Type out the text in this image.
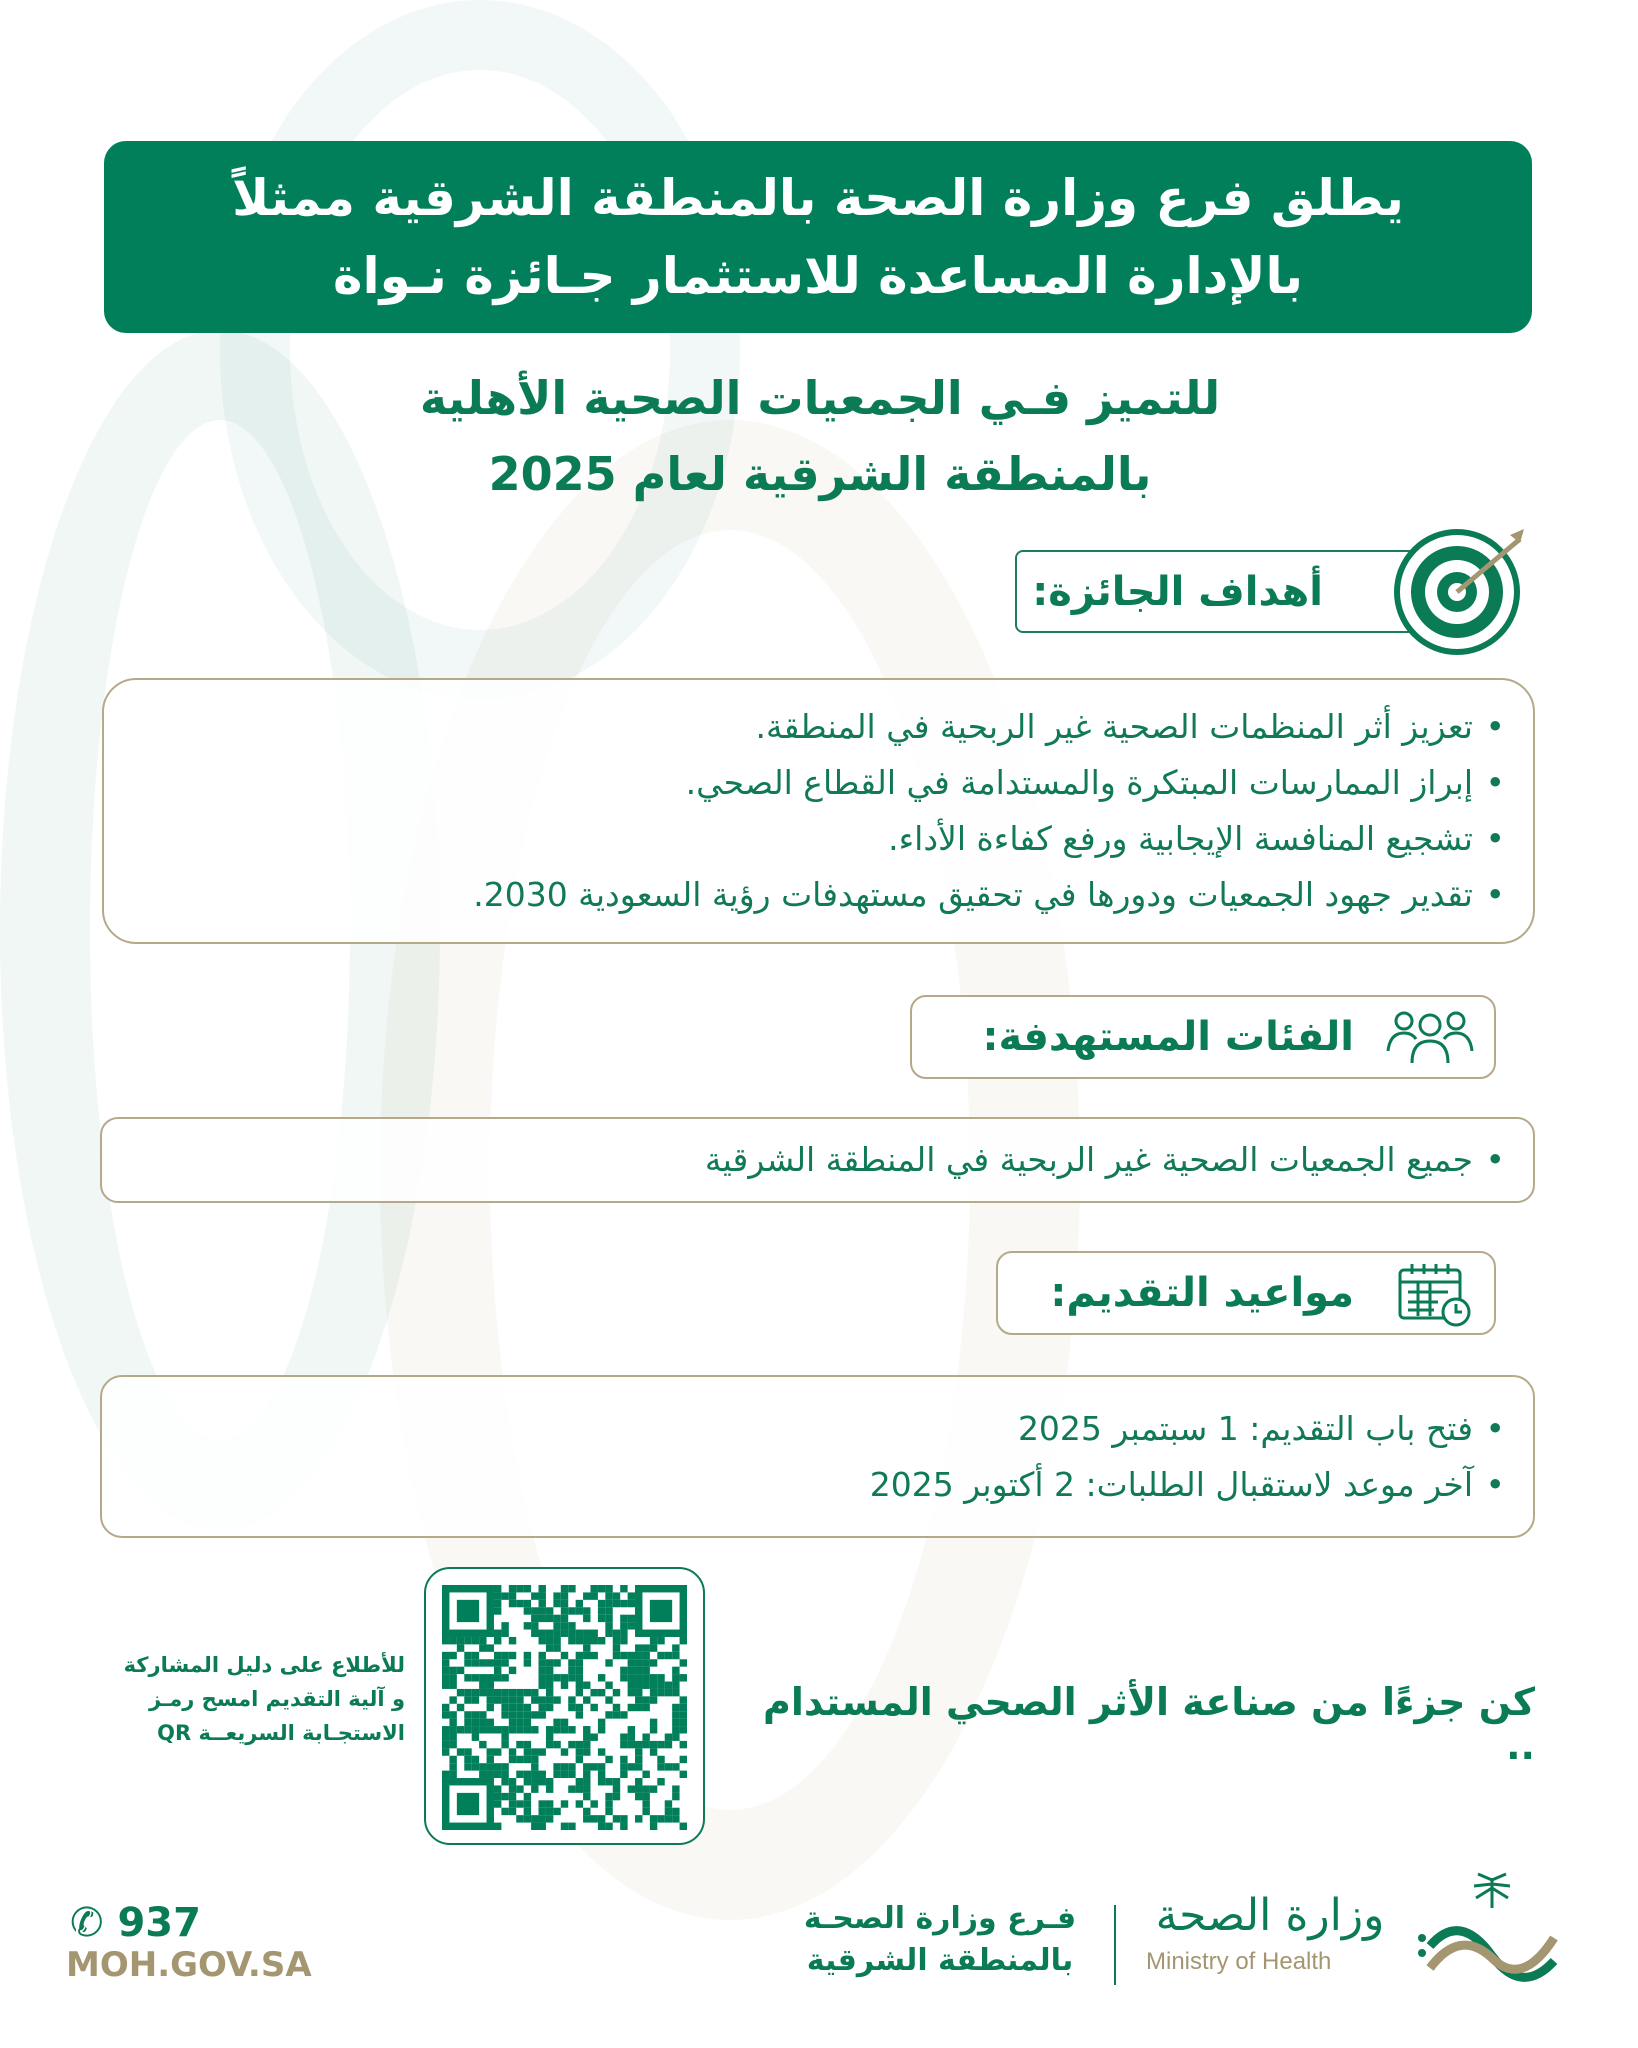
يطلق فرع وزارة الصحة بالمنطقة الشرقية ممثلاً
بالإدارة المساعدة للاستثمار جـائزة نـواة
للتميز فـي الجمعيات الصحية الأهلية
بالمنطقة الشرقية لعام 2025
أهداف الجائزة:
• تعزيز أثر المنظمات الصحية غير الربحية في المنطقة.
• إبراز الممارسات المبتكرة والمستدامة في القطاع الصحي.
• تشجيع المنافسة الإيجابية ورفع كفاءة الأداء.
• تقدير جهود الجمعيات ودورها في تحقيق مستهدفات رؤية السعودية 2030.
الفئات المستهدفة:
• جميع الجمعيات الصحية غير الربحية في المنطقة الشرقية
مواعيد التقديم:
• فتح باب التقديم: 1 سبتمبر 2025
• آخر موعد لاستقبال الطلبات: 2 أكتوبر 2025
للأطلاع على دليل المشاركة
و آلية التقديم امسح رمـز
الاستجـابة السريعــة QR
كن جزءًا من صناعة الأثر الصحي المستدام ..
✆ 937
MOH.GOV.SA
فـرع وزارة الصحـة
بالمنطقة الشرقية
وزارة الصحة
Ministry of Health
